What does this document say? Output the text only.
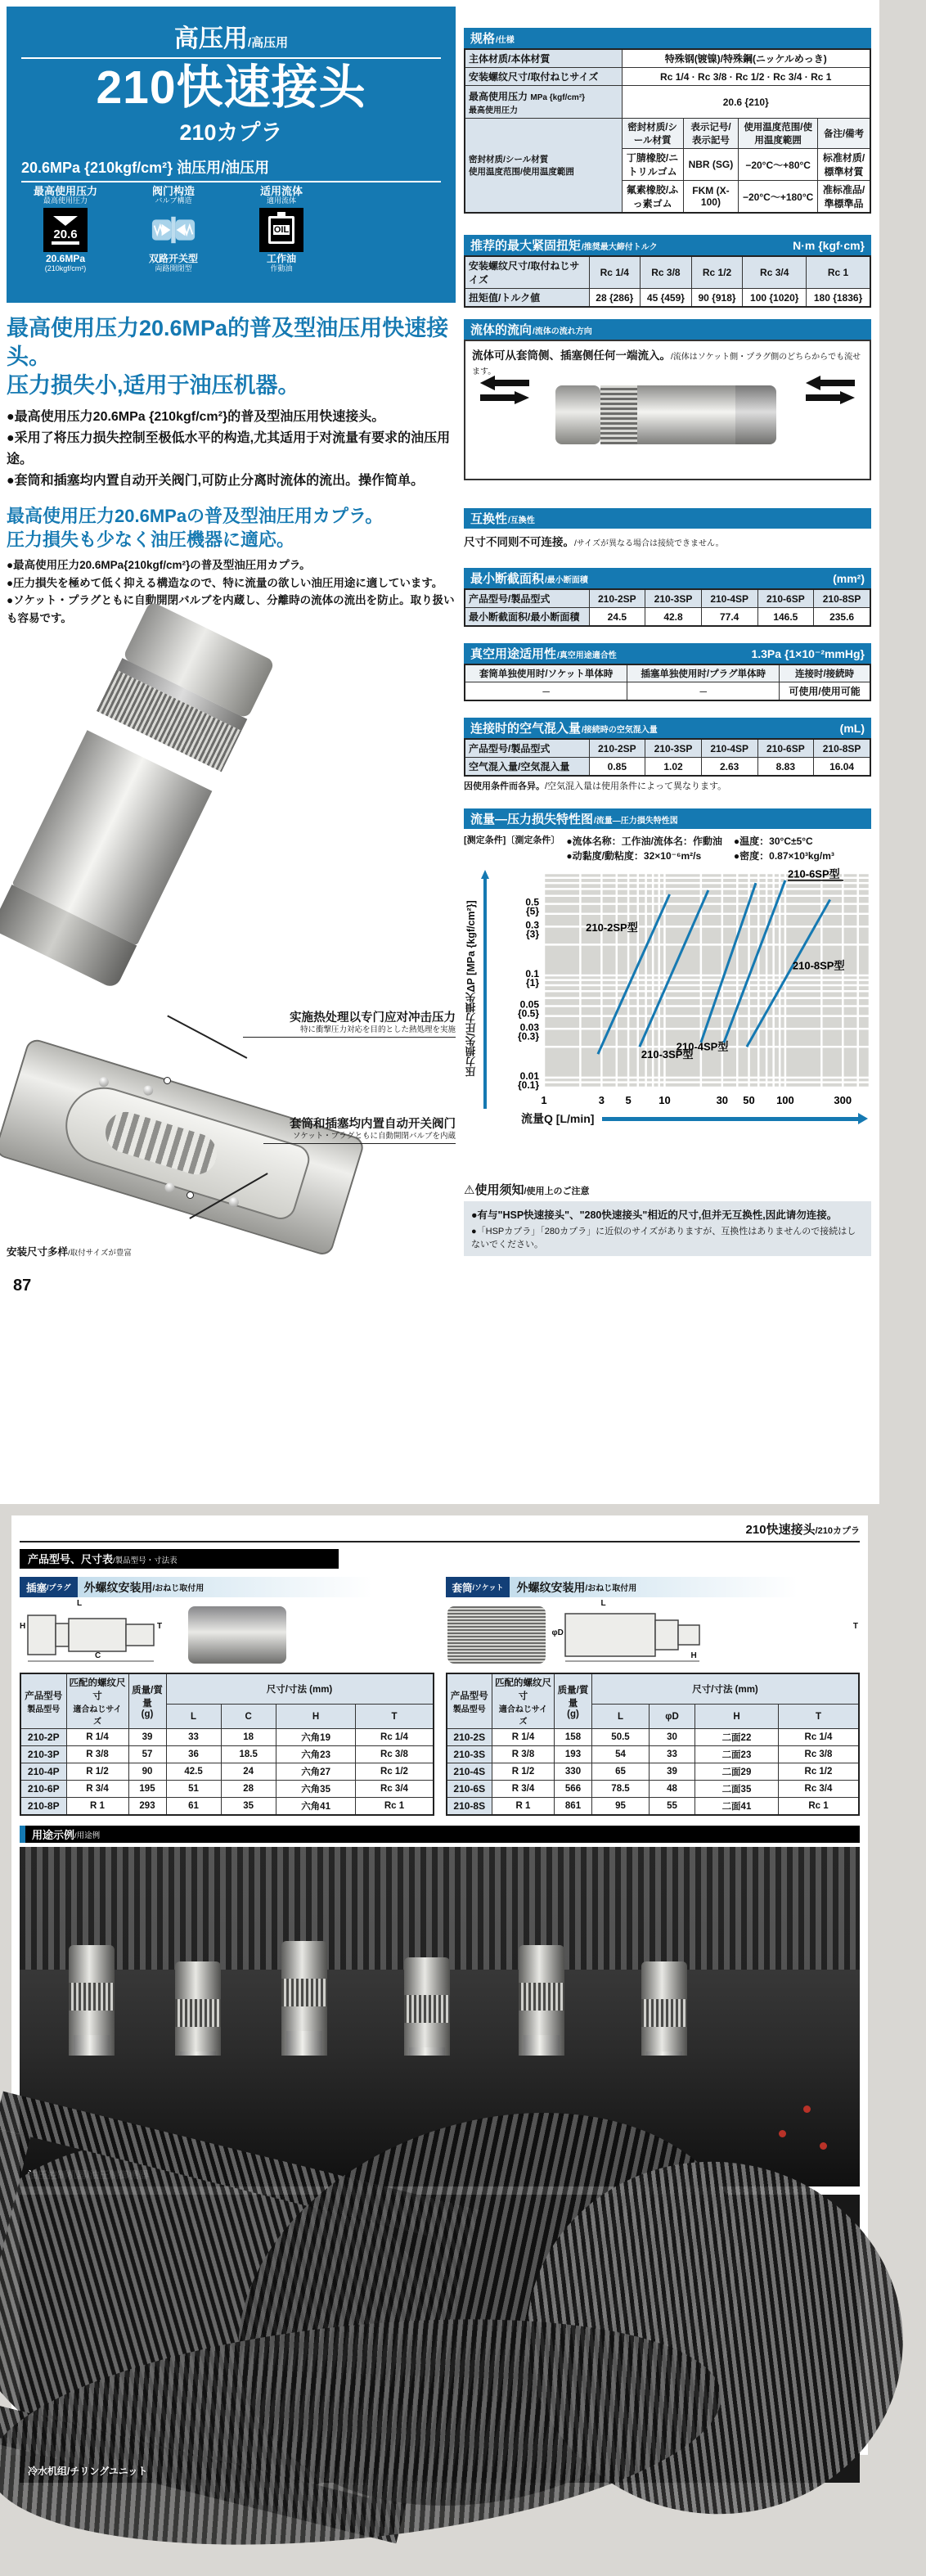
高压用/高压用
210快速接头
210カプラ
20.6MPa {210kgf/cm²} 油压用/油压用
最高使用压力
最高使用圧力
20.6
20.6MPa
(210kgf/cm²)
阀门构造
バルブ構造
双路开关型
両路開閉型
适用流体
適用流体
OIL
工作油
作動油
最高使用压力20.6MPa的普及型油压用快速接头。
压力损失小,适用于油压机器。
●最高使用压力20.6MPa {210kgf/cm²}的普及型油压用快速接头。
●采用了将压力损失控制至极低水平的构造,尤其适用于对流量有要求的油压用途。
●套筒和插塞均内置自动开关阀门,可防止分离时流体的流出。操作简单。
最高使用圧力20.6MPaの普及型油圧用カプラ。
圧力損失も少なく油圧機器に適応。
●最高使用圧力20.6MPa{210kgf/cm²}の普及型油圧用カプラ。
●圧力損失を極めて低く抑える構造なので、特に流量の欲しい油圧用途に適しています。
●ソケット・プラグともに自動開閉バルブを内蔵し、分離時の流体の流出を防止。取り扱いも容易です。
实施热处理以专门应对冲击压力
特に衝撃圧力対応を目的とした熱処理を実施
套筒和插塞均内置自动开关阀门
ソケット・プラグともに自動開閉バルブを内蔵
安装尺寸多样/取付サイズが豊富
规格 /仕様
主体材质/本体材質	特殊钢(镀镍)/特殊鋼(ニッケルめっき)			
安装螺纹尺寸/取付ねじサイズ	Rc 1/4 · Rc 3/8 · Rc 1/2 · Rc 3/4 · Rc 1			
最高使用压力 MPa {kgf/cm²}
最高使用圧力	20.6 {210}			
密封材质/シール材質
使用温度范围/使用温度範囲	密封材质/シール材質	表示记号/表示記号	使用温度范围/使用温度範囲	备注/備考
	丁腈橡胶/ニトリルゴム	NBR (SG)	−20°C～+80°C	标准材质/標準材質
	氟素橡胶/ふっ素ゴム	FKM (X-100)	−20°C～+180°C	准标准品/準標準品
推荐的最大紧固扭矩 /推奨最大締付トルク	N·m {kgf·cm}
安装螺纹尺寸/取付ねじサイズ	Rc 1/4	Rc 3/8	Rc 1/2	Rc 3/4	Rc 1
扭矩值/トルク値	28 {286}	45 {459}	90 {918}	100 {1020}	180 {1836}
流体的流向 /流体の流れ方向
流体可从套筒侧、插塞侧任何一端流入。/流体はソケット側・プラグ側のどちらからでも流せます。
互换性 /互換性
尺寸不同则不可连接。/サイズが異なる場合は接続できません。
最小断截面积 /最小断面積	(mm²)
产品型号/製品型式	210-2SP	210-3SP	210-4SP	210-6SP	210-8SP
最小断截面积/最小断面積	24.5	42.8	77.4	146.5	235.6
真空用途适用性 /真空用途適合性	1.3Pa {1×10⁻²mmHg}
套筒单独使用时/ソケット単体時	插塞单独使用时/プラグ単体時	连接时/接続時
─	─	可使用/使用可能
连接时的空气混入量 /接続時の空気混入量	(mL)
产品型号/製品型式	210-2SP	210-3SP	210-4SP	210-6SP	210-8SP
空气混入量/空気混入量	0.85	1.02	2.63	8.83	16.04
因使用条件而各异。/空気混入量は使用条件によって異なります。
流量—压力损失特性图 /流量—圧力損失特性図
[测定条件]〔測定条件〕 ●流体名称：工作油/流体名：作動油 ●温度：30°C±5°C
●动黏度/動粘度：32×10⁻⁶m²/s	●密度：0.87×10³kg/m³
压力损失/圧力損失ΔP [MPa {kgf/cm²}]	210-2SP型
210-3SP型
210-4SP型
210-6SP型
210-8SP型
1	3 5	10	30 50 100	300
0.5 {5}
0.3 {3}
0.1 {1}
0.05 {0.5}
0.03 {0.3}
0.01 {0.1}
流量Q [L/min]
⚠使用须知/使用上のご注意
●有与"HSP快速接头"、"280快速接头"相近的尺寸,但并无互换性,因此请勿连接。
●「HSPカプラ」「280カプラ」に近似のサイズがありますが、互換性はありませんので接続はしないでください。
87
210快速接头 /210カプラ
产品型号、尺寸表/製品型号・寸法表
插塞 /プラグ 外螺纹安装用 /おねじ取付用
H
C
L
T
产品型号
製品型号	匹配的螺纹尺寸
適合ねじサイズ	质量/質量
(g)	尺寸/寸法 (mm)			
			L	C	H	T
210-2P	R 1/4	39	33	18	六角19	Rc 1/4
210-3P	R 3/8	57	36	18.5	六角23	Rc 3/8
210-4P	R 1/2	90	42.5	24	六角27	Rc 1/2
210-6P	R 3/4	195	51	28	六角35	Rc 3/4
210-8P	R 1	293	61	35	六角41	Rc 1
套筒 /ソケット 外螺纹安装用 /おねじ取付用
L
φD
H
T
产品型号
製品型号	匹配的螺纹尺寸
適合ねじサイズ	质量/質量
(g)	尺寸/寸法 (mm)			
			L	φD	H	T
210-2S	R 1/4	158	50.5	30	二面22	Rc 1/4
210-3S	R 3/8	193	54	33	二面23	Rc 3/8
210-4S	R 1/2	330	65	39	二面29	Rc 1/2
210-6S	R 3/4	566	78.5	48	二面35	Rc 3/4
210-8S	R 1	861	95	55	二面41	Rc 1
用途示例 /用途例
冷水机组/チリングユニット
